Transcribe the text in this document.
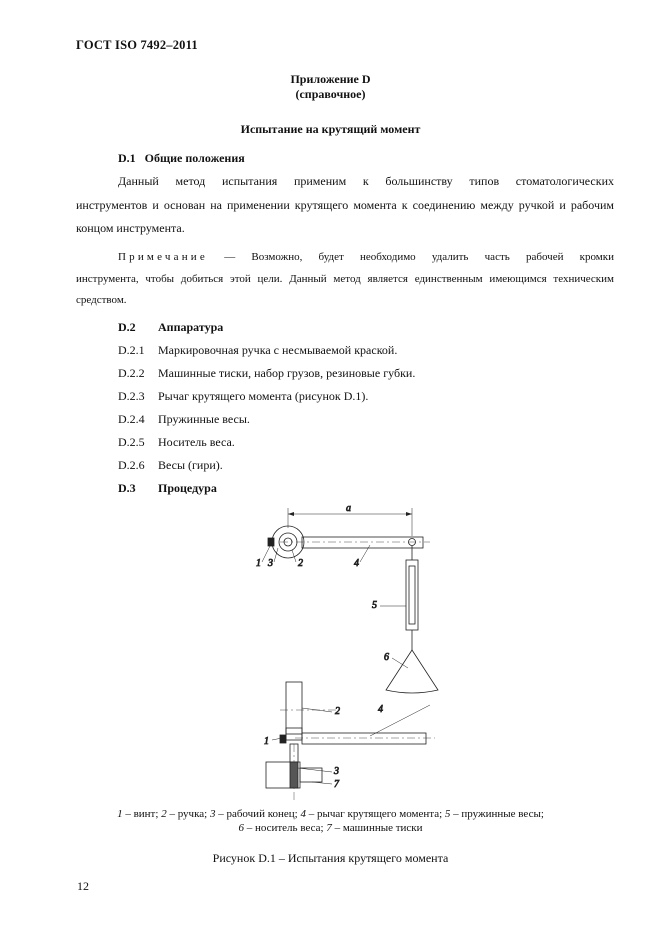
ГОСТ ISO 7492–2011
Приложение D
(справочное)
Испытание на крутящий момент
D.1 Общие положения
Данный метод испытания применим к большинству типов стоматологических
инструментов и основан на применении крутящего момента к соединению между ручкой и рабочим концом инструмента.
Примечание — Возможно, будет необходимо удалить часть рабочей кромки
инструмента, чтобы добиться этой цели. Данный метод является единственным имеющимся техническим средством.
D.2 Аппаратура
D.2.1 Маркировочная ручка с несмываемой краской.
D.2.2 Машинные тиски, набор грузов, резиновые губки.
D.2.3 Рычаг крутящего момента (рисунок D.1).
D.2.4 Пружинные весы.
D.2.5 Носитель веса.
D.2.6 Весы (гири).
D.3 Процедура
a
1 3	2	4
5
6
2	4
1
3
7
1 – винт; 2 – ручка; 3 – рабочий конец; 4 – рычаг крутящего момента; 5 – пружинные весы;
6 – носитель веса; 7 – машинные тиски
Рисунок D.1 – Испытания крутящего момента
12
